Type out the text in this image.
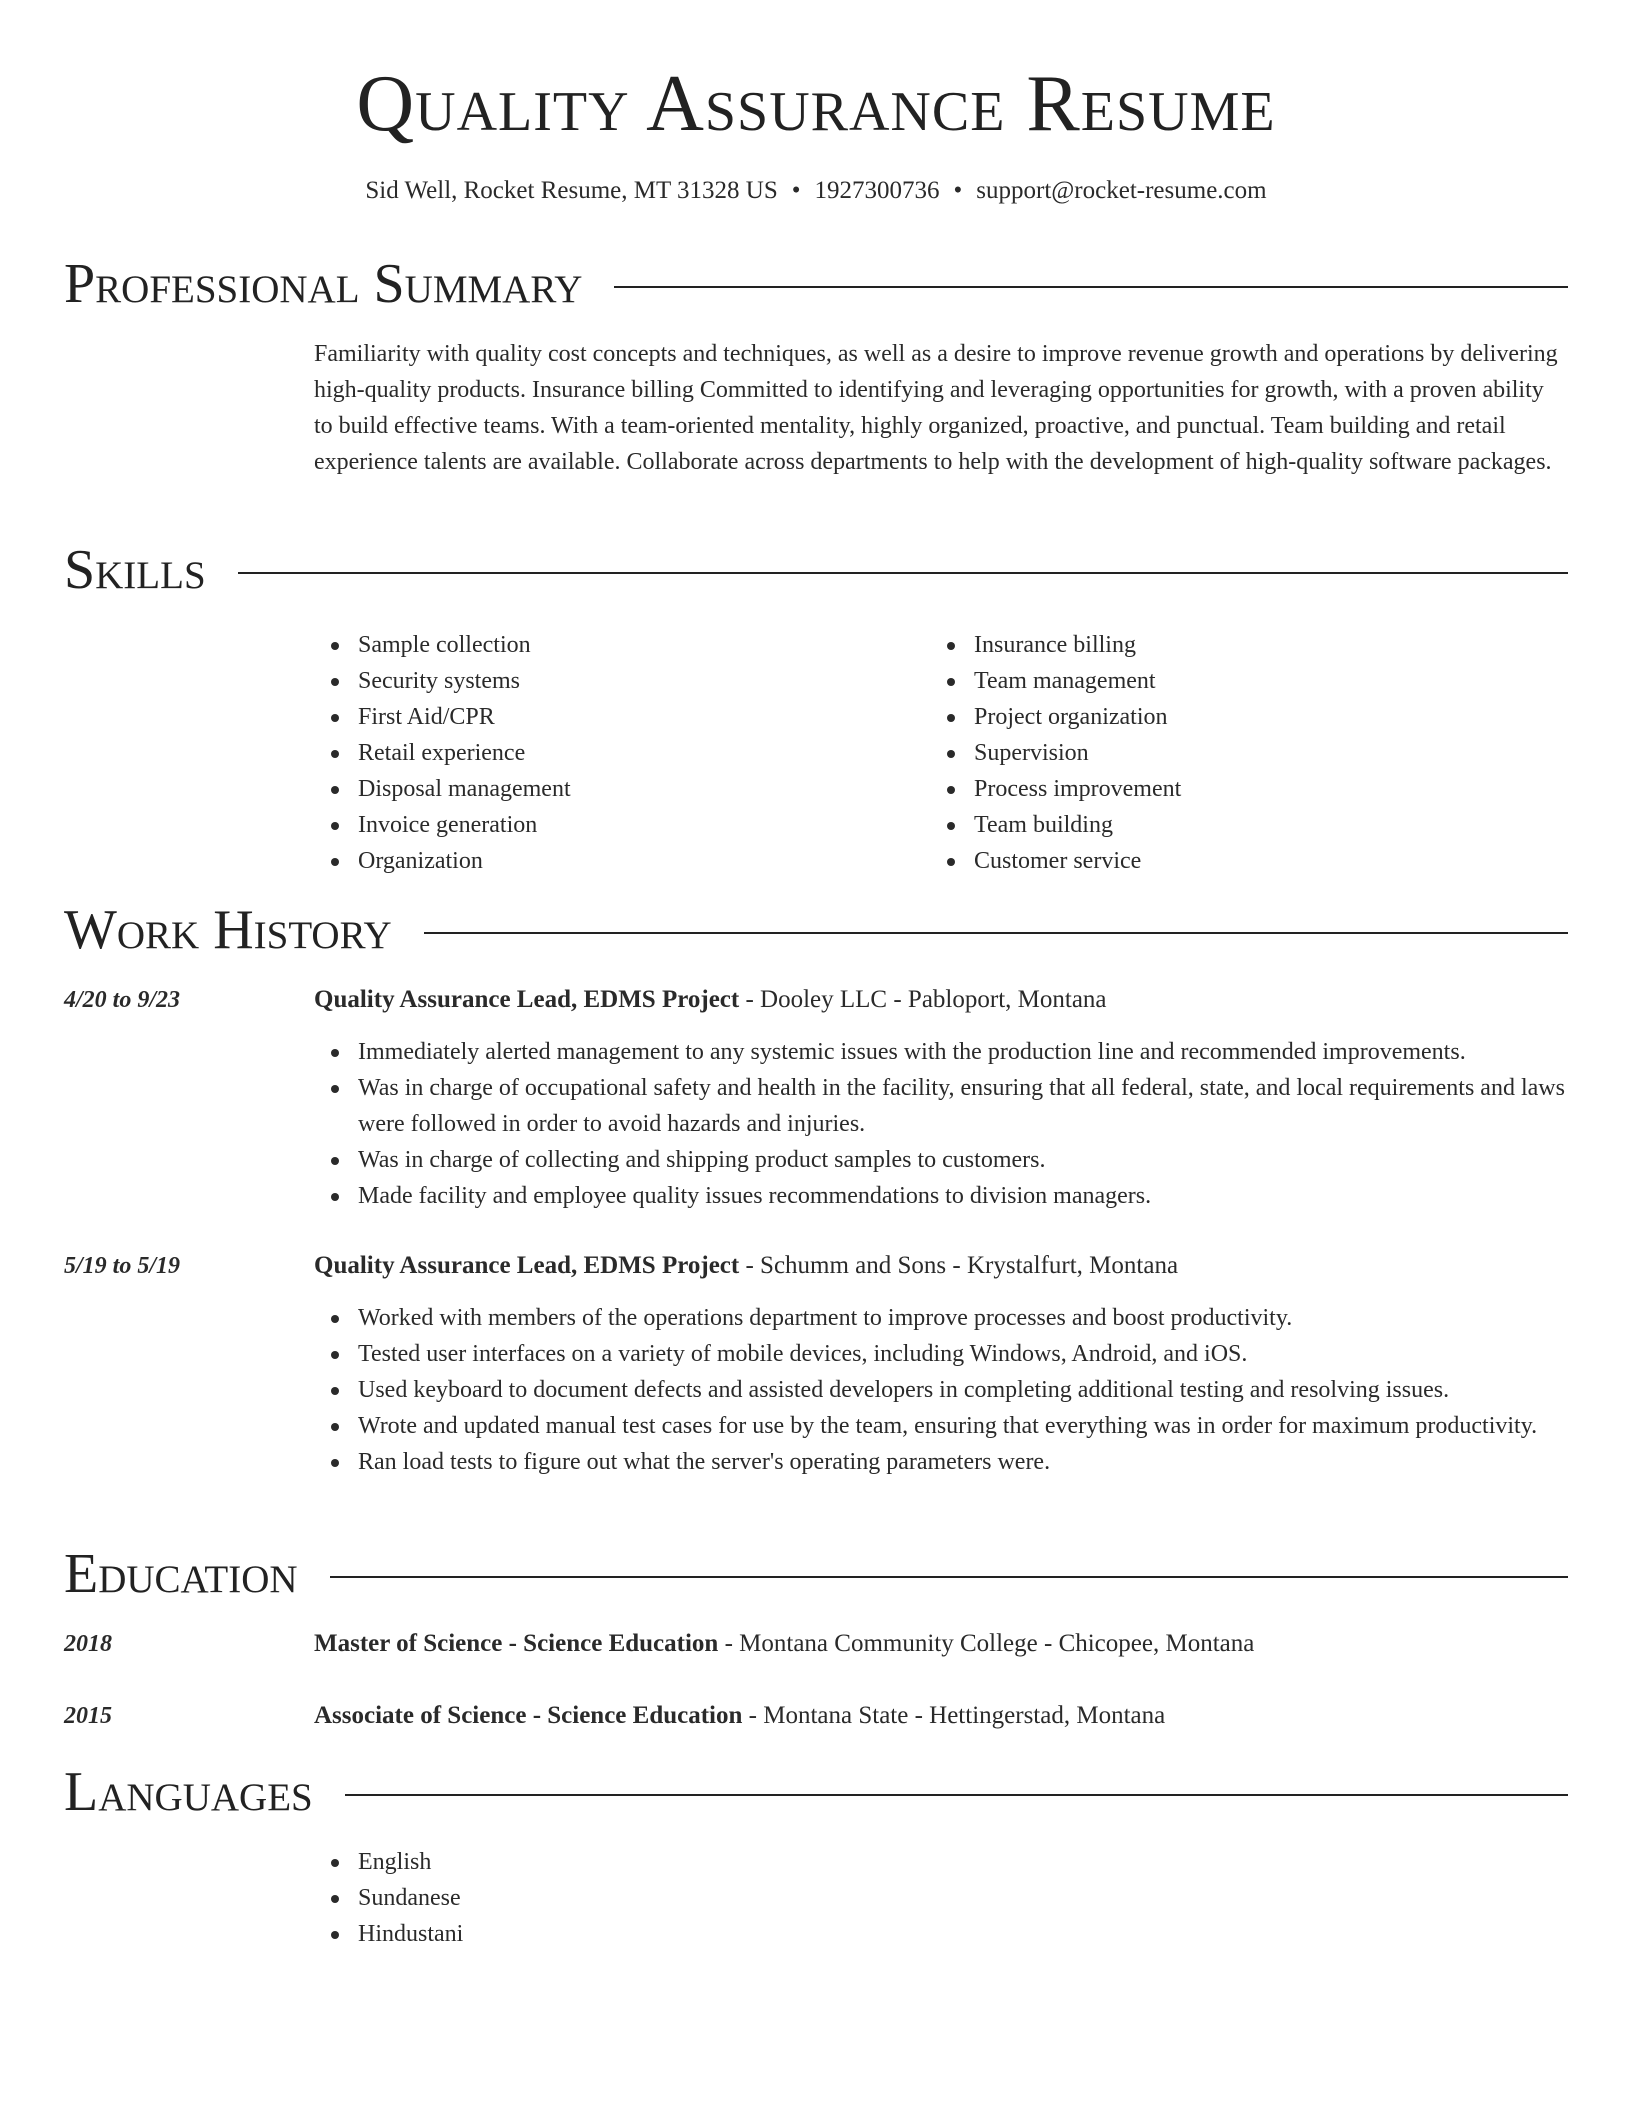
Quality Assurance Resume
Sid Well, Rocket Resume, MT 31328 US • 1927300736 • support@rocket-resume.com
Professional Summary
Familiarity with quality cost concepts and techniques, as well as a desire to improve revenue growth and operations by delivering high-quality products. Insurance billing Committed to identifying and leveraging opportunities for growth, with a proven ability to build effective teams. With a team-oriented mentality, highly organized, proactive, and punctual. Team building and retail experience talents are available. Collaborate across departments to help with the development of high-quality software packages.
Skills
Sample collection
Security systems
First Aid/CPR
Retail experience
Disposal management
Invoice generation
Organization
Insurance billing
Team management
Project organization
Supervision
Process improvement
Team building
Customer service
Work History
4/20 to 9/23	Quality Assurance Lead, EDMS Project - Dooley LLC - Pabloport, Montana
Immediately alerted management to any systemic issues with the production line and recommended improvements.
Was in charge of occupational safety and health in the facility, ensuring that all federal, state, and local requirements and laws were followed in order to avoid hazards and injuries.
Was in charge of collecting and shipping product samples to customers.
Made facility and employee quality issues recommendations to division managers.
5/19 to 5/19	Quality Assurance Lead, EDMS Project - Schumm and Sons - Krystalfurt, Montana
Worked with members of the operations department to improve processes and boost productivity.
Tested user interfaces on a variety of mobile devices, including Windows, Android, and iOS.
Used keyboard to document defects and assisted developers in completing additional testing and resolving issues.
Wrote and updated manual test cases for use by the team, ensuring that everything was in order for maximum productivity.
Ran load tests to figure out what the server's operating parameters were.
Education
2018	Master of Science - Science Education - Montana Community College - Chicopee, Montana
2015	Associate of Science - Science Education - Montana State - Hettingerstad, Montana
Languages
English
Sundanese
Hindustani
